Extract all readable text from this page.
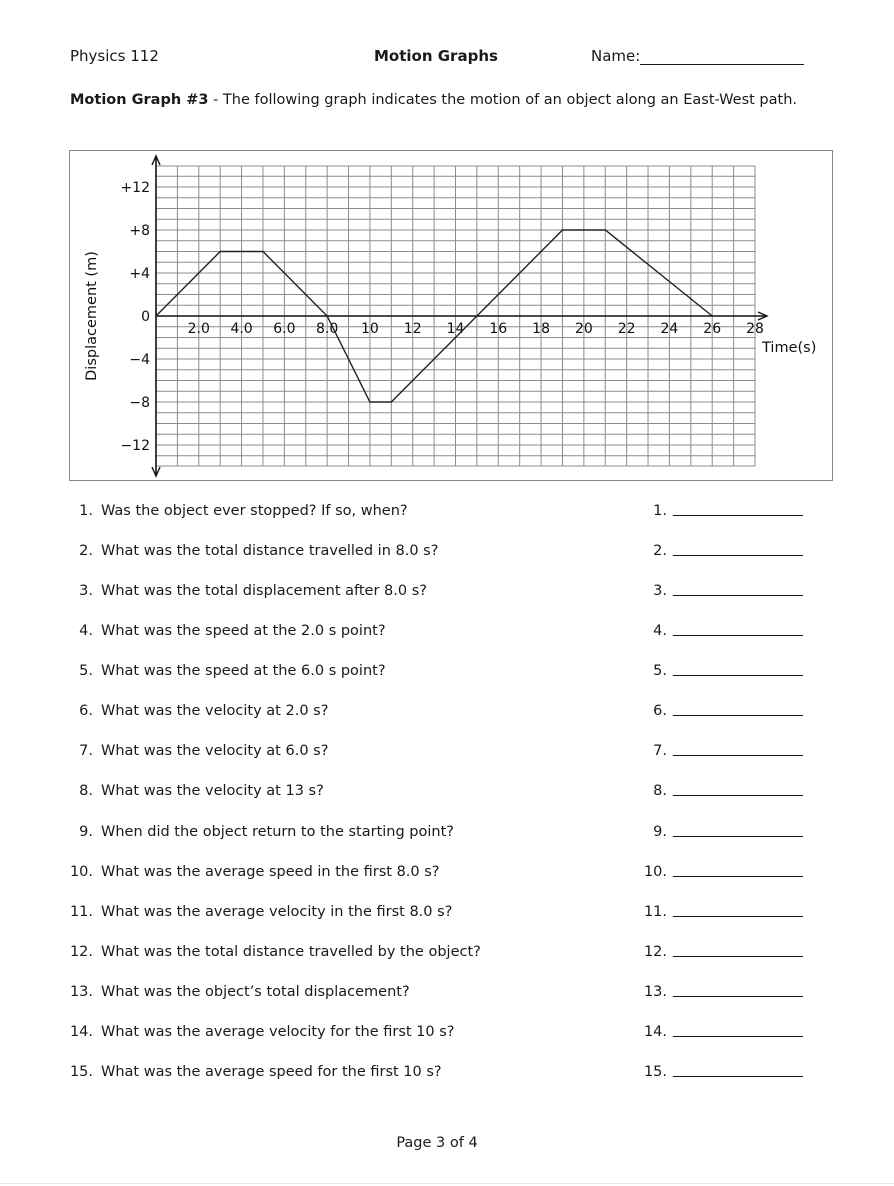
Physics 112	Motion Graphs	Name:
Motion Graph #3 - The following graph indicates the motion of an object along an East-West path.
2.0 4.0 6.0 8.0 10 12 14 16 18 20 22 24 26 28
+12
+8
+4
0
−4
−8
−12
Time(s)
Displacement (m)
1. Was the object ever stopped? If so, when?	1.
2. What was the total distance travelled in 8.0 s?	2.
3. What was the total displacement after 8.0 s?	3.
4. What was the speed at the 2.0 s point?	4.
5. What was the speed at the 6.0 s point?	5.
6. What was the velocity at 2.0 s?	6.
7. What was the velocity at 6.0 s?	7.
8. What was the velocity at 13 s?	8.
9. When did the object return to the starting point?	9.
10. What was the average speed in the first 8.0 s?	10.
11. What was the average velocity in the first 8.0 s?	11.
12. What was the total distance travelled by the object?	12.
13. What was the object’s total displacement?	13.
14. What was the average velocity for the first 10 s?	14.
15. What was the average speed for the first 10 s?	15.
Page 3 of 4
